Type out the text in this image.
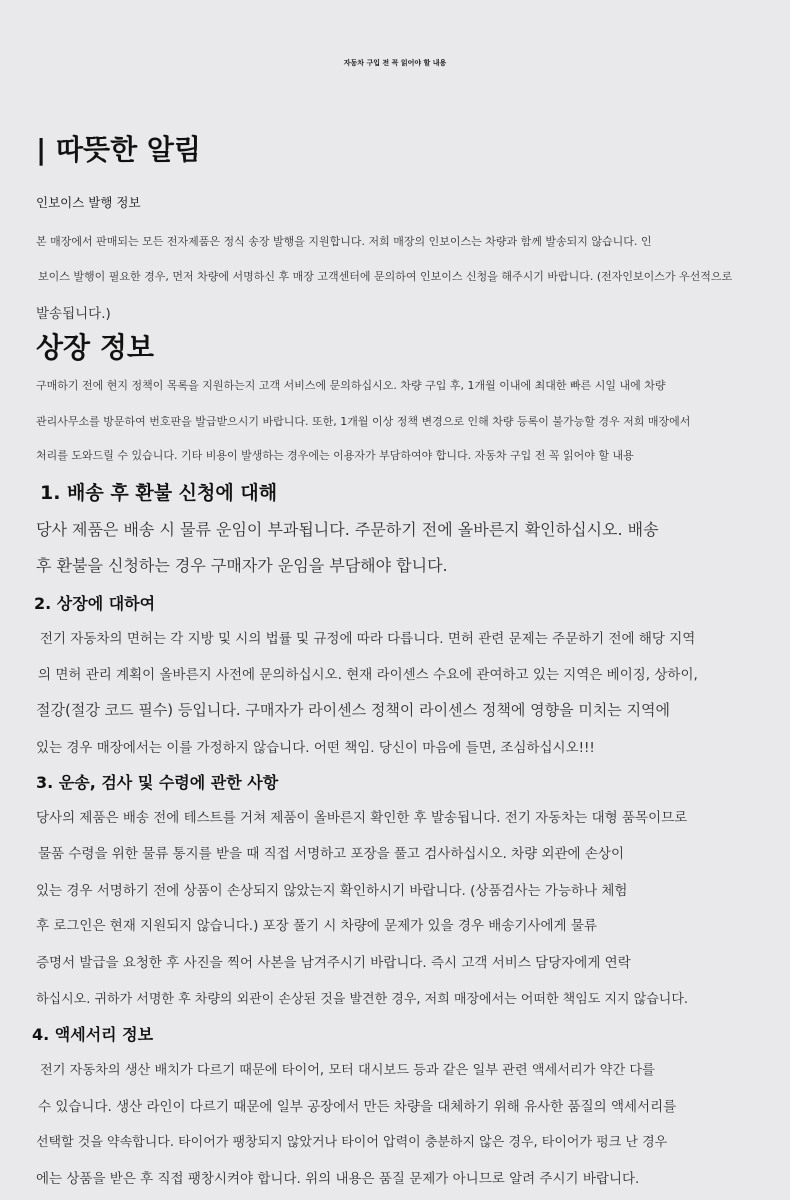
자동차 구입 전 꼭 읽어야 할 내용
| 따뜻한 알림
인보이스 발행 정보

본 매장에서 판매되는 모든 전자제품은 정식 송장 발행을 지원합니다. 저희 매장의 인보이스는 차량과 함께 발송되지 않습니다. 인

보이스 발행이 필요한 경우, 먼저 차량에 서명하신 후 매장 고객센터에 문의하여 인보이스 신청을 해주시기 바랍니다. (전자인보이스가 우선적으로

발송됩니다.)

상장 정보

구매하기 전에 현지 정책이 목록을 지원하는지 고객 서비스에 문의하십시오. 차량 구입 후, 1개월 이내에 최대한 빠른 시일 내에 차량

관리사무소를 방문하여 번호판을 발급받으시기 바랍니다. 또한, 1개월 이상 정책 변경으로 인해 차량 등록이 불가능할 경우 저희 매장에서

처리를 도와드릴 수 있습니다. 기타 비용이 발생하는 경우에는 이용자가 부담하여야 합니다. 자동차 구입 전 꼭 읽어야 할 내용

1. 배송 후 환불 신청에 대해

당사 제품은 배송 시 물류 운임이 부과됩니다. 주문하기 전에 올바른지 확인하십시오. 배송

후 환불을 신청하는 경우 구매자가 운임을 부담해야 합니다.

2. 상장에 대하여

전기 자동차의 면허는 각 지방 및 시의 법률 및 규정에 따라 다릅니다. 면허 관련 문제는 주문하기 전에 해당 지역

의 면허 관리 계획이 올바른지 사전에 문의하십시오. 현재 라이센스 수요에 관여하고 있는 지역은 베이징, 상하이,

절강(절강 코드 필수) 등입니다. 구매자가 라이센스 정책이 라이센스 정책에 영향을 미치는 지역에

있는 경우 매장에서는 이를 가정하지 않습니다. 어떤 책임. 당신이 마음에 들면, 조심하십시오!!!

3. 운송, 검사 및 수령에 관한 사항

당사의 제품은 배송 전에 테스트를 거쳐 제품이 올바른지 확인한 후 발송됩니다. 전기 자동차는 대형 품목이므로

물품 수령을 위한 물류 통지를 받을 때 직접 서명하고 포장을 풀고 검사하십시오. 차량 외관에 손상이

있는 경우 서명하기 전에 상품이 손상되지 않았는지 확인하시기 바랍니다. (상품검사는 가능하나 체험

후 로그인은 현재 지원되지 않습니다.) 포장 풀기 시 차량에 문제가 있을 경우 배송기사에게 물류

증명서 발급을 요청한 후 사진을 찍어 사본을 남겨주시기 바랍니다. 즉시 고객 서비스 담당자에게 연락

하십시오. 귀하가 서명한 후 차량의 외관이 손상된 것을 발견한 경우, 저희 매장에서는 어떠한 책임도 지지 않습니다.

4. 액세서리 정보

전기 자동차의 생산 배치가 다르기 때문에 타이어, 모터 대시보드 등과 같은 일부 관련 액세서리가 약간 다를

수 있습니다. 생산 라인이 다르기 때문에 일부 공장에서 만든 차량을 대체하기 위해 유사한 품질의 액세서리를

선택할 것을 약속합니다. 타이어가 팽창되지 않았거나 타이어 압력이 충분하지 않은 경우, 타이어가 펑크 난 경우

에는 상품을 받은 후 직접 팽창시켜야 합니다. 위의 내용은 품질 문제가 아니므로 알려 주시기 바랍니다.
